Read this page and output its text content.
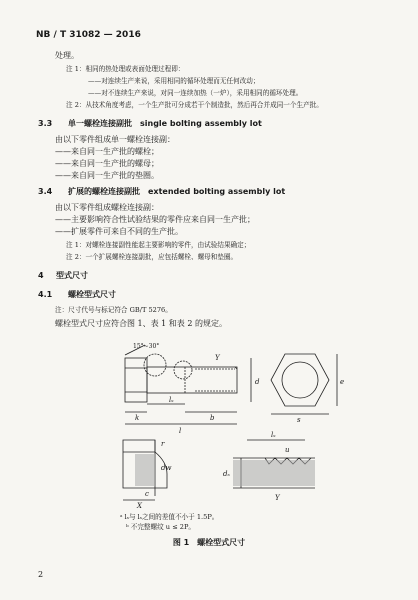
NB / T 31082 — 2016
处理。
注 1：相同的热处理或表面处理过程即：
——对连续生产来说，采用相同的循环处理而无任何改动；
——对不连续生产来说，对同一连续加热（一炉），采用相同的循环处理。
注 2：从技术角度考虑，一个生产批可分成若干个制造批，然后再合并成同一个生产批。
3.3 单一螺栓连接副批　single bolting assembly lot
由以下零件组成单一螺栓连接副：
——来自同一生产批的螺栓；
——来自同一生产批的螺母；
——来自同一生产批的垫圈。
3.4 扩展的螺栓连接副批　extended bolting assembly lot
由以下零件组成螺栓连接副：
——主要影响符合性试验结果的零件应来自同一生产批；
——扩展零件可来自不同的生产批。
注 1：对螺栓连接副性能起主要影响的零件，由试验结果确定；
注 2：一个扩展螺栓连接副批，应包括螺栓、螺母和垫圈。
4 型式尺寸
4.1 螺栓型式尺寸
注：尺寸代号与标记符合 GB/T 5276。
螺栓型式尺寸应符合图 1、表 1 和表 2 的规定。
15°~30°
Y
k
lₛ
b
l
d	e
s
X
Y
dw
dₛ
lₛ
u
c
r
ᵃ lₛ与 lₛ之间的差值不小于 1.5P。
ᵇ 不完整螺纹 u ≤ 2P。
图 1　螺栓型式尺寸
2
